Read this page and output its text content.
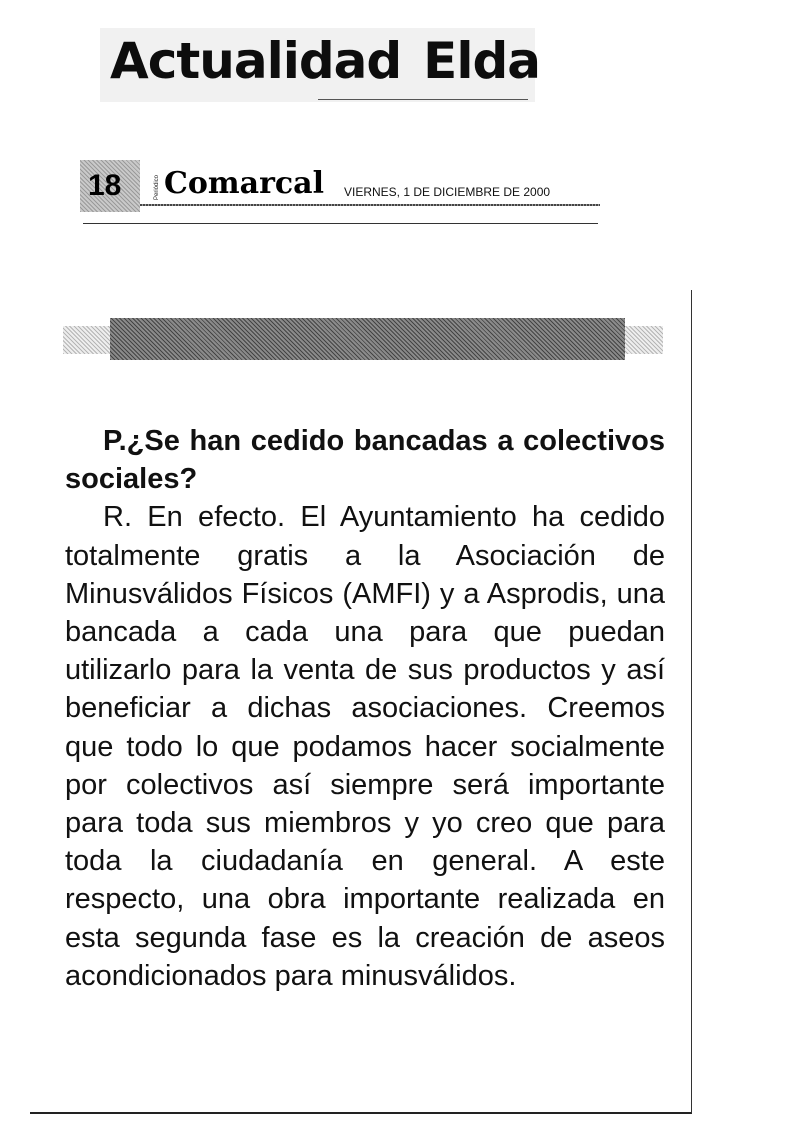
Actualidad Elda
18	Periódico Comarcal VIERNES, 1 DE DICIEMBRE DE 2000

P.¿Se han cedido bancadas a colectivos sociales?

R. En efecto. El Ayuntamiento ha cedido totalmente gratis a la Asociación de Minusválidos Físicos (AMFI) y a Asprodis, una bancada a cada una para que puedan utilizarlo para la venta de sus productos y así beneficiar a dichas asociaciones. Creemos que todo lo que podamos hacer socialmente por colectivos así siempre será importante para toda sus miembros y yo creo que para toda la ciudadanía en general. A este respecto, una obra importante realizada en esta segunda fase es la creación de aseos acondicionados para minusválidos.
